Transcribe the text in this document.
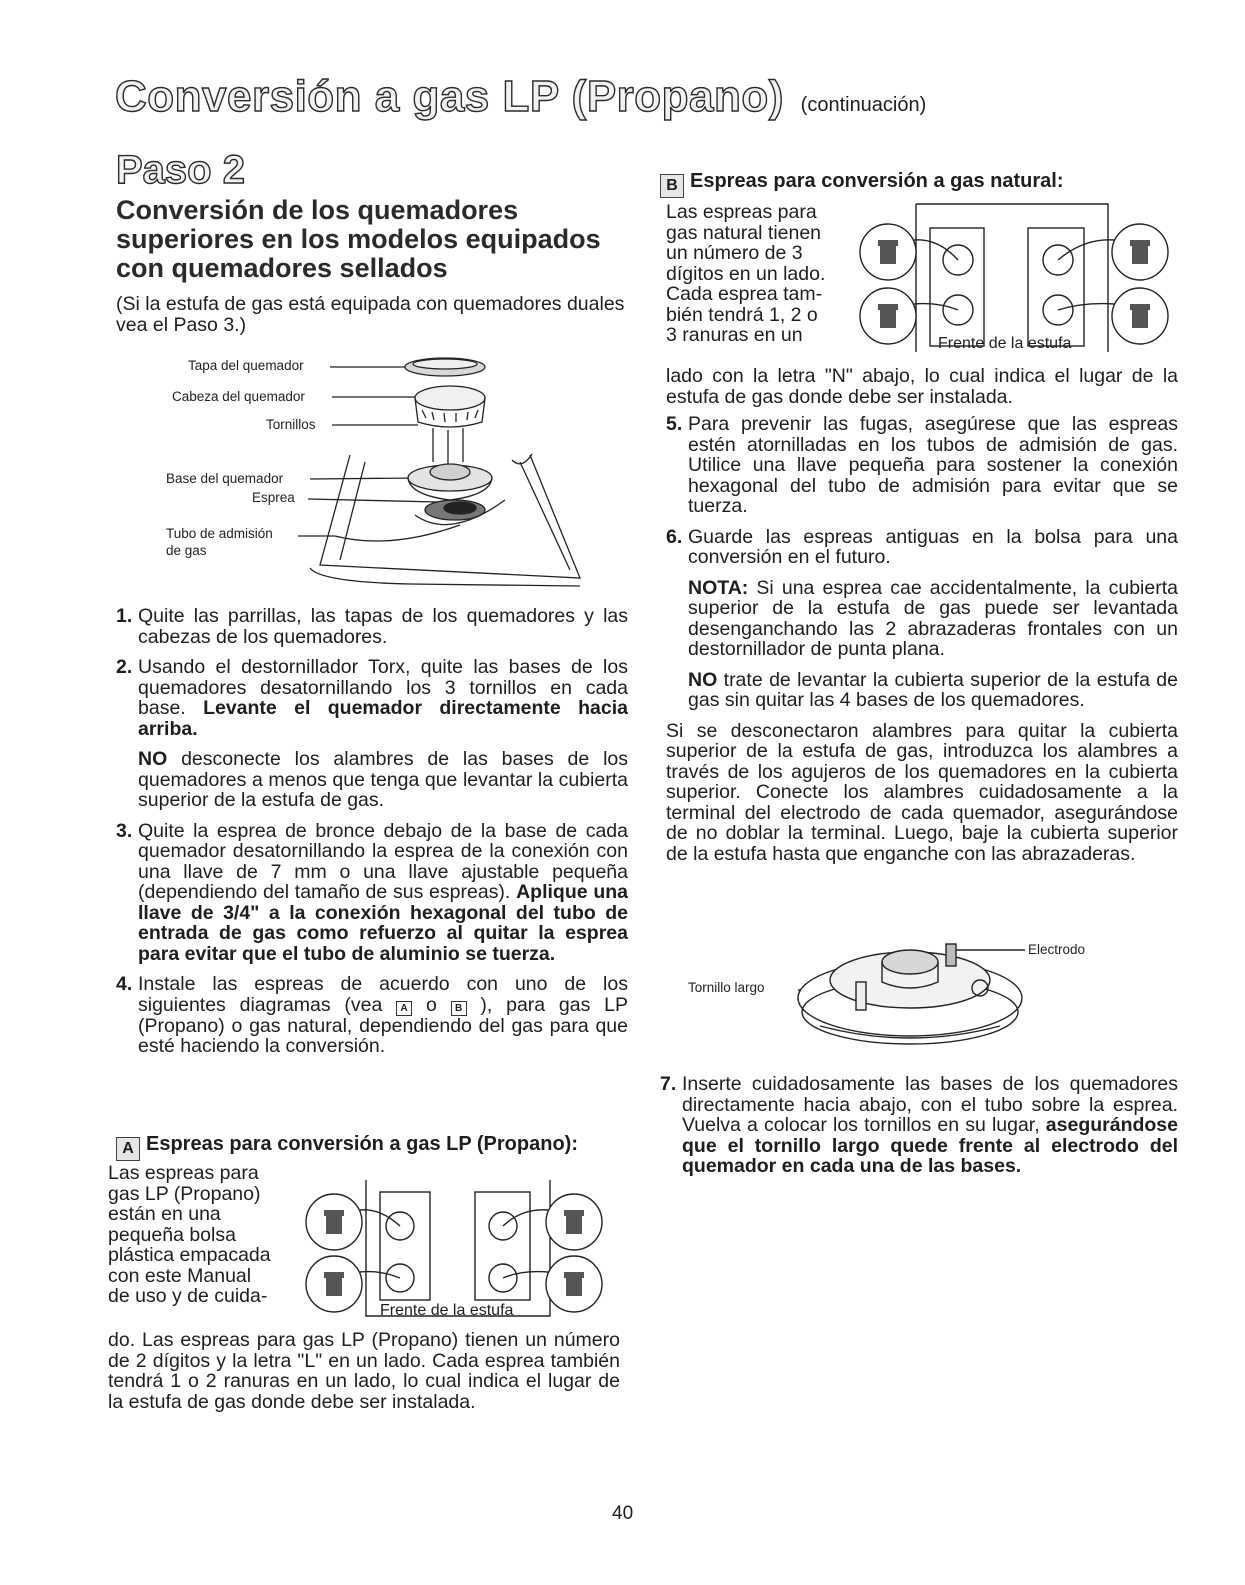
Conversión a gas LP (Propano) (continuación)
Paso 2
Conversión de los quemadores superiores en los modelos equipados con quemadores sellados
(Si la estufa de gas está equipada con quemadores duales vea el Paso 3.)
Tapa del quemador
Cabeza del quemador
Tornillos
Base del quemador
Esprea
Tubo de admisión
de gas
1. Quite las parrillas, las tapas de los quemadores y las cabezas de los quemadores.
2. Usando el destornillador Torx, quite las bases de los quemadores desatornillando los 3 tornillos en cada base. Levante el quemador directamente hacia arriba.
NO desconecte los alambres de las bases de los quemadores a menos que tenga que levantar la cubierta superior de la estufa de gas.
3. Quite la esprea de bronce debajo de la base de cada quemador desatornillando la esprea de la conexión con una llave de 7 mm o una llave ajustable pequeña (dependiendo del tamaño de sus espreas). Aplique una llave de 3/4" a la conexión hexagonal del tubo de entrada de gas como refuerzo al quitar la esprea para evitar que el tubo de aluminio se tuerza.
4. Instale las espreas de acuerdo con uno de los siguientes diagramas (vea A o B ), para gas LP (Propano) o gas natural, dependiendo del gas para que esté haciendo la conversión.
A Espreas para conversión a gas LP (Propano):
Las espreas para
gas LP (Propano)
están en una
pequeña bolsa
plástica empacada
con este Manual
de uso y de cuida-
Frente de la estufa
do. Las espreas para gas LP (Propano) tienen un número de 2 dígitos y la letra "L" en un lado. Cada esprea también tendrá 1 o 2 ranuras en un lado, lo cual indica el lugar de la estufa de gas donde debe ser instalada.
B Espreas para conversión a gas natural:
Las espreas para
gas natural tienen
un número de 3
dígitos en un lado.
Cada esprea tam-
bién tendrá 1, 2 o
3 ranuras en un	Frente de la estufa
lado con la letra "N" abajo, lo cual indica el lugar de la estufa de gas donde debe ser instalada.
5. Para prevenir las fugas, asegúrese que las espreas estén atornilladas en los tubos de admisión de gas. Utilice una llave pequeña para sostener la conexión hexagonal del tubo de admisión para evitar que se tuerza.
6. Guarde las espreas antiguas en la bolsa para una conversión en el futuro.
NOTA: Si una esprea cae accidentalmente, la cubierta superior de la estufa de gas puede ser levantada desenganchando las 2 abrazaderas frontales con un destornillador de punta plana.
NO trate de levantar la cubierta superior de la estufa de gas sin quitar las 4 bases de los quemadores.
Si se desconectaron alambres para quitar la cubierta superior de la estufa de gas, introduzca los alambres a través de los agujeros de los quemadores en la cubierta superior. Conecte los alambres cuidadosamente a la terminal del electrodo de cada quemador, asegurándose de no doblar la terminal. Luego, baje la cubierta superior de la estufa hasta que enganche con las abrazaderas.
Electrodo
Tornillo largo
7. Inserte cuidadosamente las bases de los quemadores directamente hacia abajo, con el tubo sobre la esprea. Vuelva a colocar los tornillos en su lugar, asegurándose que el tornillo largo quede frente al electrodo del quemador en cada una de las bases.
40
